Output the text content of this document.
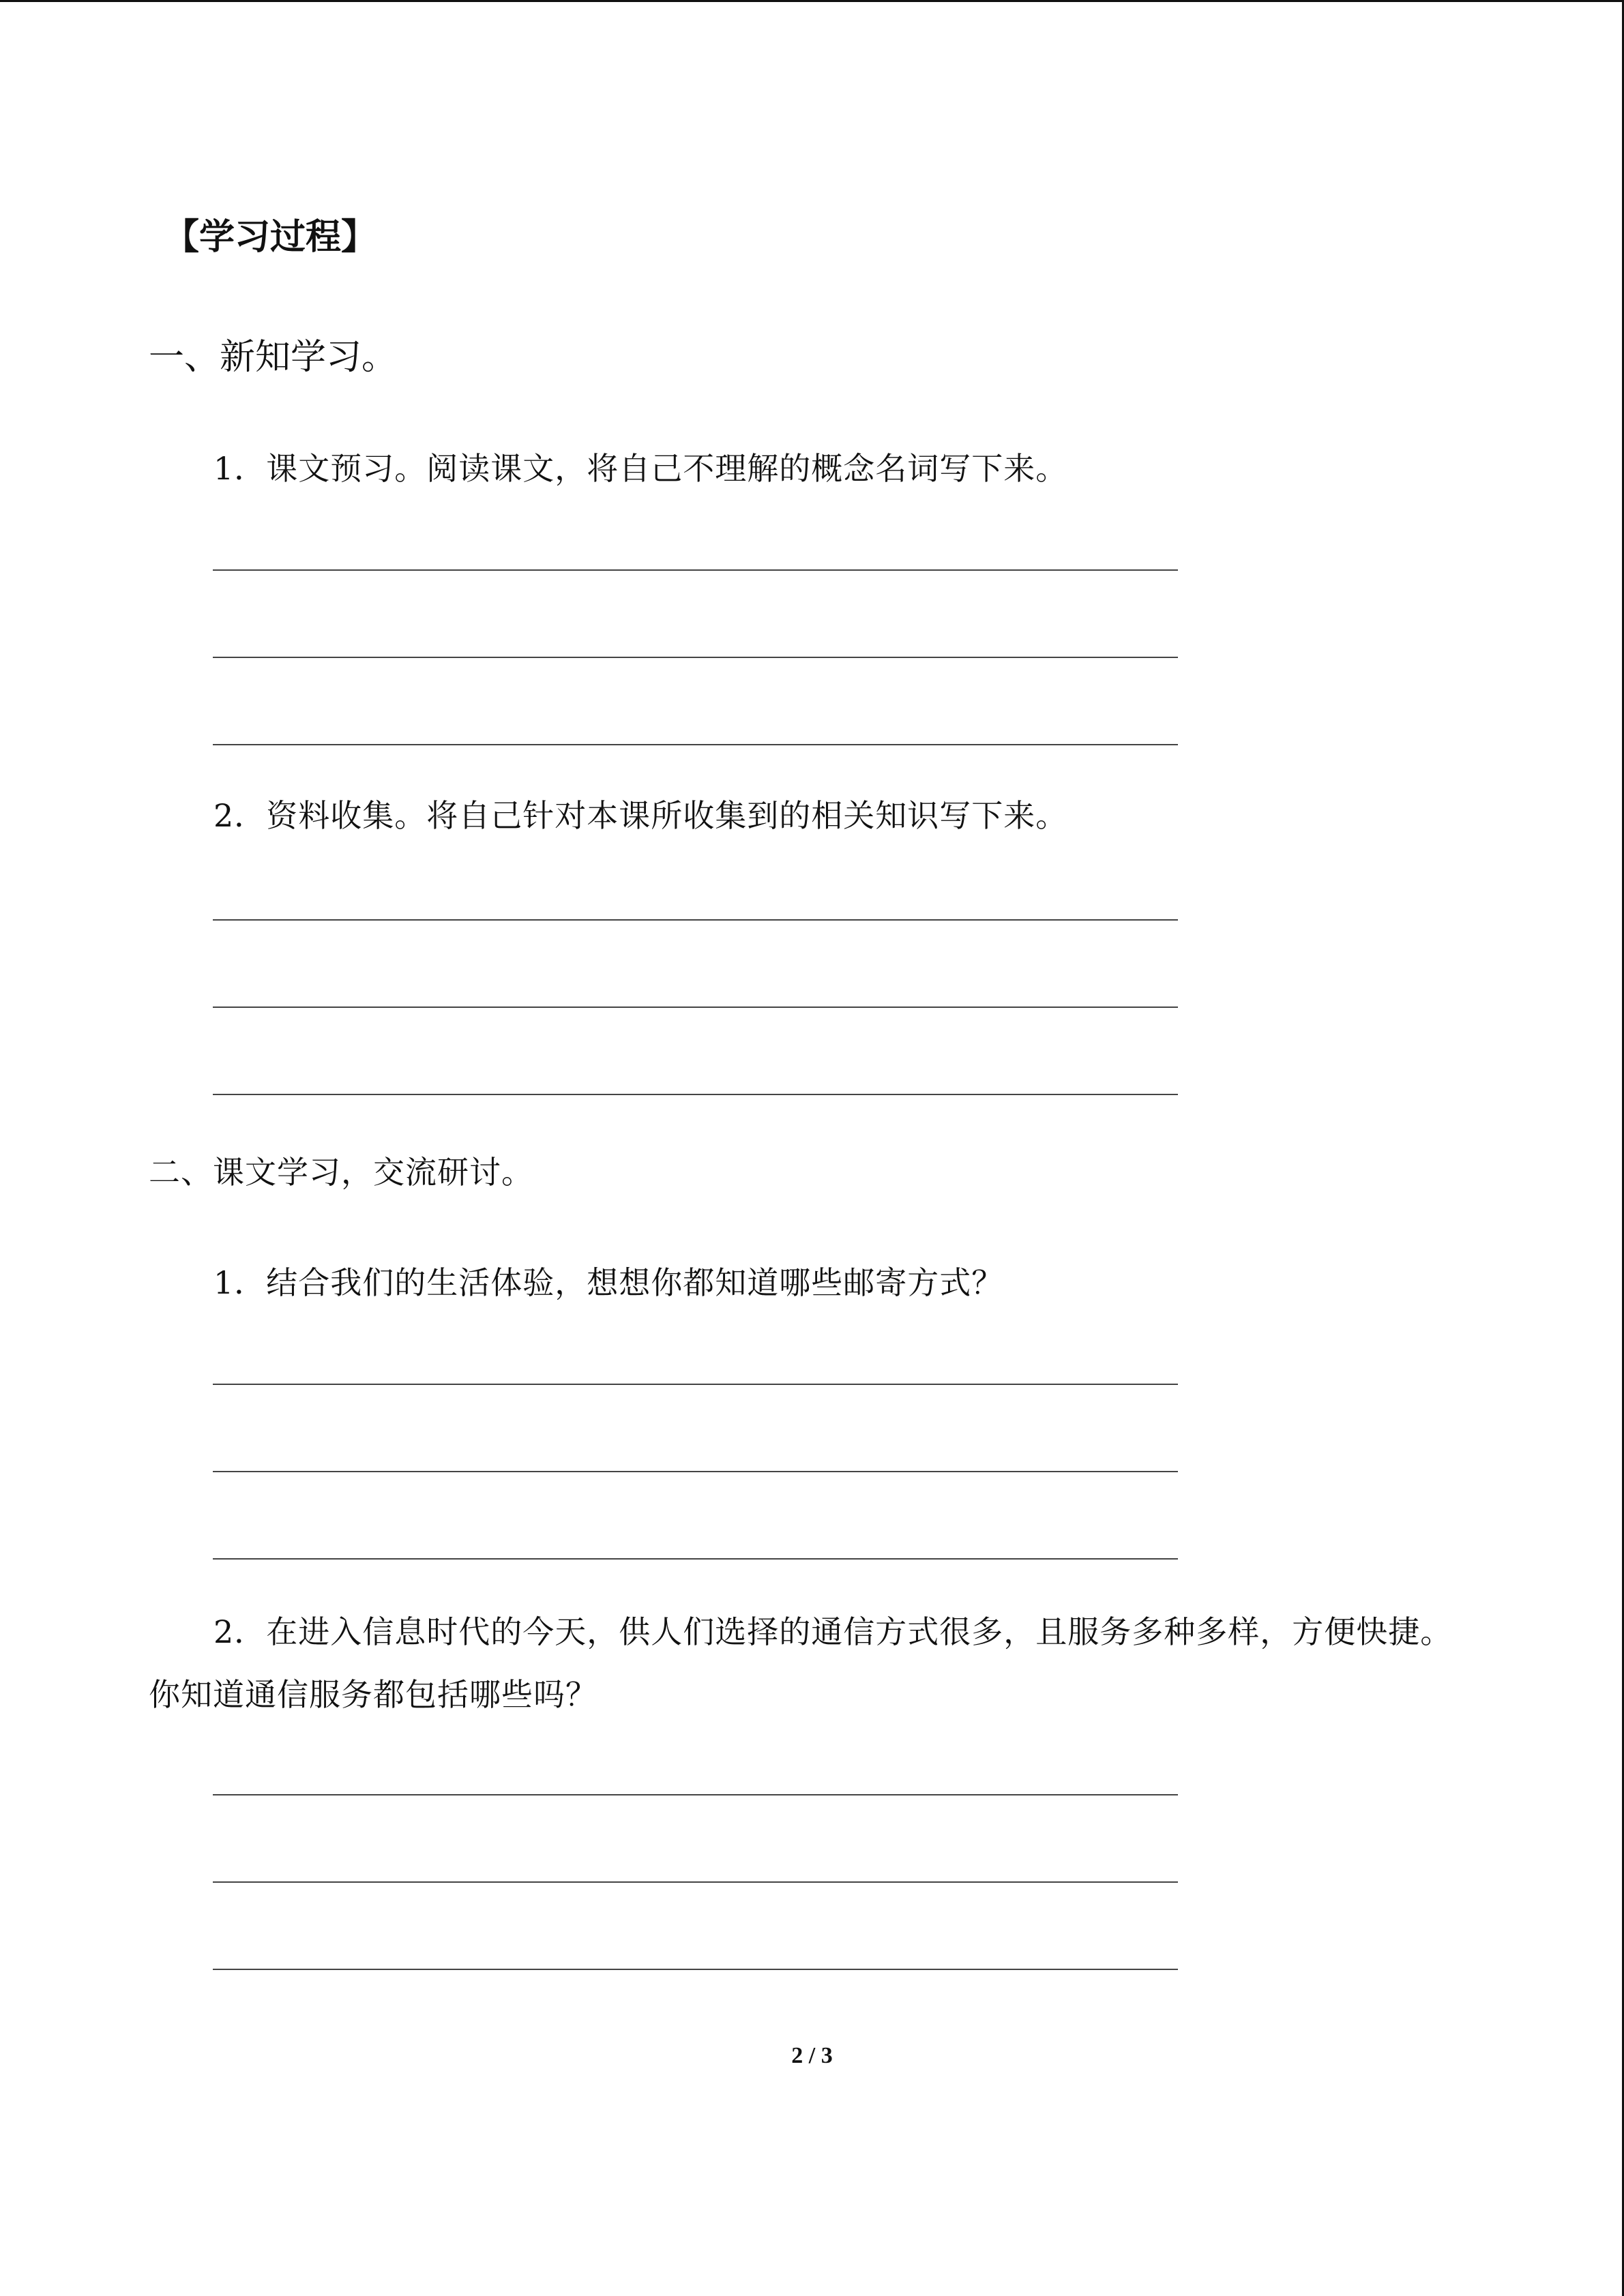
【学习过程】
一、新知学习。
1．课文预习。阅读课文，将自己不理解的概念名词写下来。
2．资料收集。将自己针对本课所收集到的相关知识写下来。
二、课文学习，交流研讨。
1．结合我们的生活体验，想想你都知道哪些邮寄方式？
2．在进入信息时代的今天，供人们选择的通信方式很多，且服务多种多样，方便快捷。你知道通信服务都包括哪些吗？
2 / 3
